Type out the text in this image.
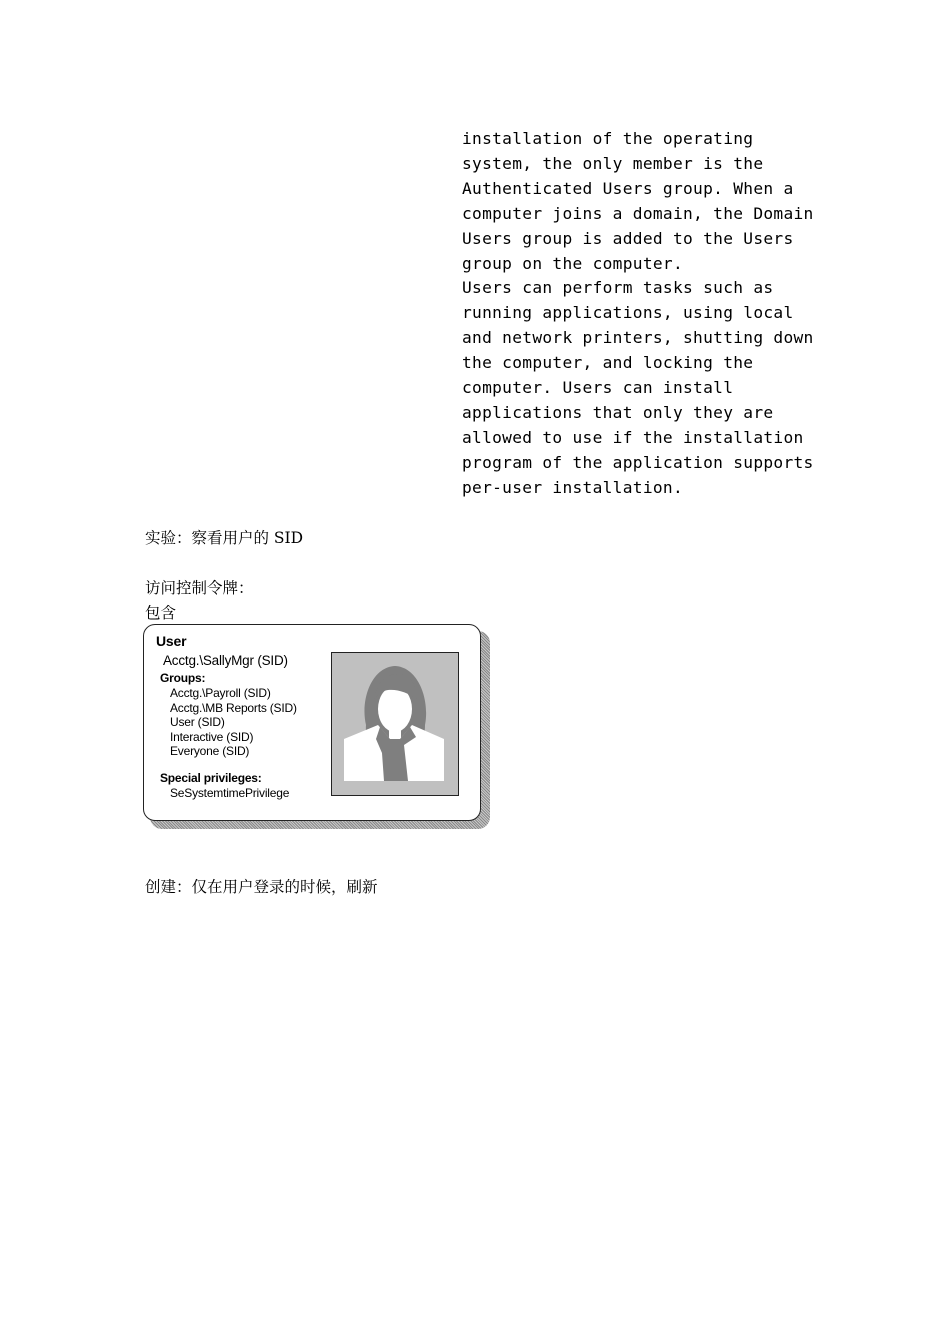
installation of the operating
system, the only member is the
Authenticated Users group. When a
computer joins a domain, the Domain
Users group is added to the Users
group on the computer.
Users can perform tasks such as
running applications, using local
and network printers, shutting down
the computer, and locking the
computer. Users can install
applications that only they are
allowed to use if the installation
program of the application supports
per-user installation.
实验：察看用户的 SID
访问控制令牌：
包含
User
Acctg.\SallyMgr (SID)
Groups:
Acctg.\Payroll (SID)
Acctg.\MB Reports (SID)
User (SID)
Interactive (SID)
Everyone (SID)
Special privileges:
SeSystemtimePrivilege
创建：仅在用户登录的时候，刷新
